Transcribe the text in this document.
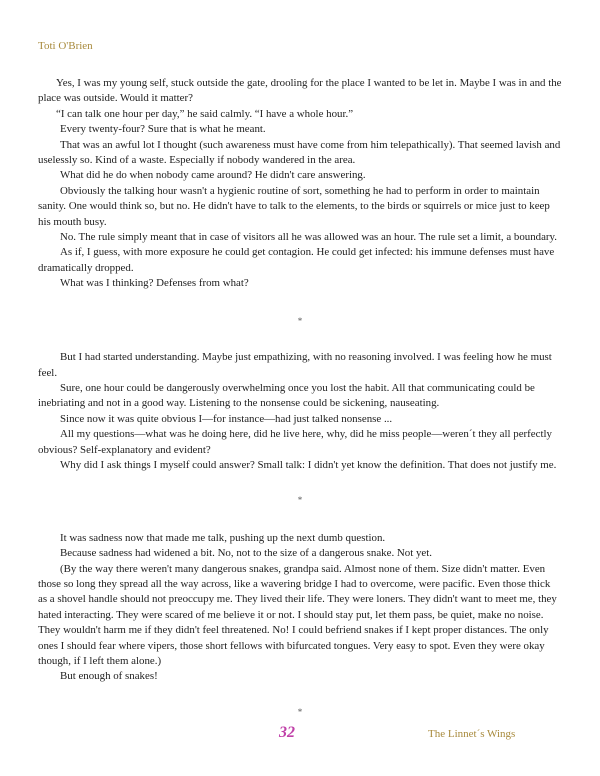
Toti O'Brien

Yes, I was my young self, stuck outside the gate, drooling for the place I wanted to be let in. Maybe I was in and the place was outside. Would it matter?

“I can talk one hour per day,” he said calmly. “I have a whole hour.”

Every twenty-four? Sure that is what he meant.

That was an awful lot I thought (such awareness must have come from him telepathically). That seemed lavish and uselessly so. Kind of a waste. Especially if nobody wandered in the area.

What did he do when nobody came around? He didn't care answering.

Obviously the talking hour wasn't a hygienic routine of sort, something he had to perform in order to maintain sanity. One would think so, but no. He didn't have to talk to the elements, to the birds or squirrels or mice just to keep his mouth busy.

No. The rule simply meant that in case of visitors all he was allowed was an hour. The rule set a limit, a boundary.

As if, I guess, with more exposure he could get contagion. He could get infected: his immune defenses must have dramatically dropped.

What was I thinking? Defenses from what?

*

But I had started understanding. Maybe just empathizing, with no reasoning involved. I was feeling how he must feel.

Sure, one hour could be dangerously overwhelming once you lost the habit. All that communicating could be inebriating and not in a good way. Listening to the nonsense could be sickening, nauseating.

Since now it was quite obvious I—for instance—had just talked nonsense ...

All my questions—what was he doing here, did he live here, why, did he miss people—weren´t they all perfectly obvious? Self-explanatory and evident?

Why did I ask things I myself could answer? Small talk: I didn't yet know the definition. That does not justify me.

*

It was sadness now that made me talk, pushing up the next dumb question.

Because sadness had widened a bit. No, not to the size of a dangerous snake. Not yet.

(By the way there weren't many dangerous snakes, grandpa said. Almost none of them. Size didn't matter. Even those so long they spread all the way across, like a wavering bridge I had to overcome, were pacific. Even those thick as a shovel handle should not preoccupy me. They lived their life. They were loners. They didn't want to meet me, they hated interacting. They were scared of me believe it or not. I should stay put, let them pass, be quiet, make no noise. They wouldn't harm me if they didn't feel threatened. No! I could befriend snakes if I kept proper distances. The only ones I should fear where vipers, those short fellows with bifurcated tongues. Very easy to spot. Even they were okay though, if I left them alone.)

But enough of snakes!

*
32	The Linnet´s Wings
